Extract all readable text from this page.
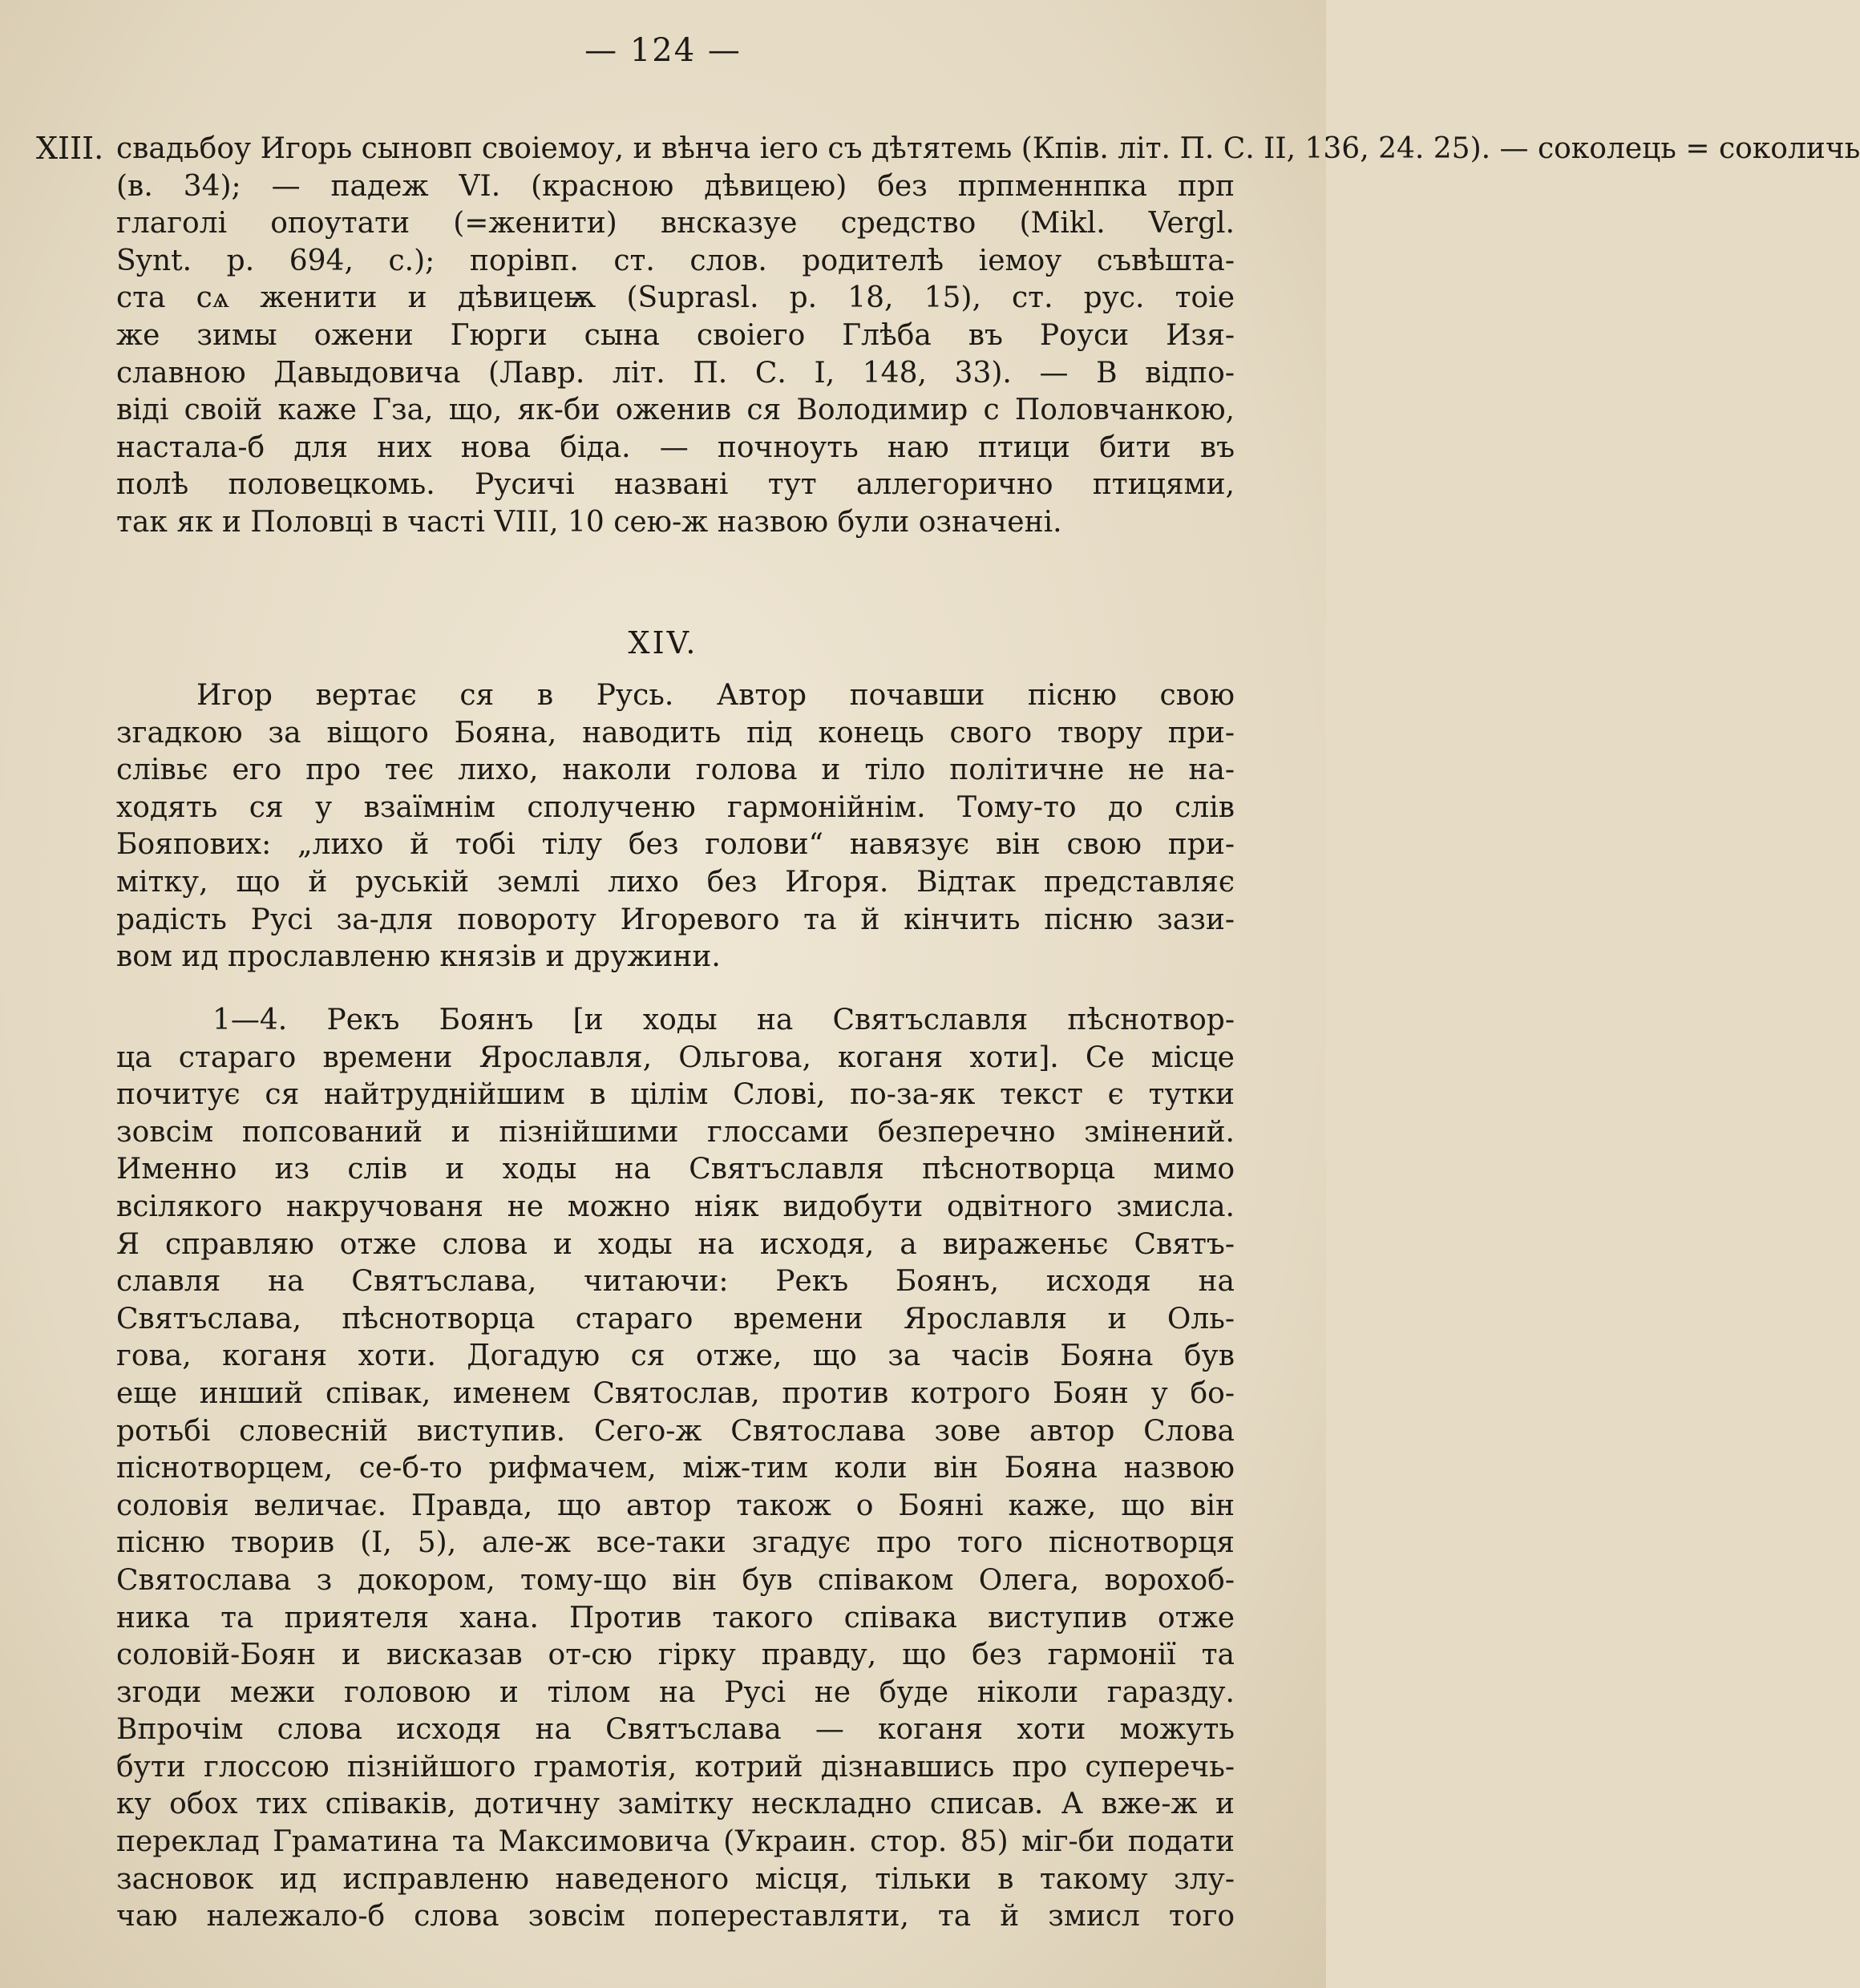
— 124 —
XIII. свадьбоу Игорь сыновп своiемоу, и вѣнча iего съ дѣтятемь (Кпів. літ. П. С. II, 136, 24. 25). — соколець = соколичь
(в. 34); — падеж VI. (красною дѣвицею) без прпменнпка прп
глаголі опоутати (=женити) внсказуе средство (Mikl. Vergl.
Synt. p. 694, c.); порівп. ст. слов. родителѣ iемоу съвѣшта-
ста сѧ женити и дѣвицеѭ (Suprasl. p. 18, 15), ст. рус. тоiе
же зимы ожени Гюрги сына своiего Глѣба въ Роуси Изя-
славною Давыдовича (Лавр. літ. П. С. I, 148, 33). — В відпо-
віді своій каже Гза, що, як-би оженив ся Володимир с Половчанкою,
настала-б для них нова біда. — почноуть наю птици бити въ
полѣ половецкомь. Русичі названі тут аллегорично птицями,
так як и Половці в часті VIII, 10 сею-ж назвою були означені.
XIV.
Игор вертає ся в Русь. Автор почавши пісню свою
згадкою за віщого Бояна, наводить під конець свого твору при-
слівьє его про теє лихо, наколи голова и тіло політичне не на-
ходять ся у взаїмнім сполученю гармонійнім. Тому-то до слів
Бояпових: „лихо й тобі тілу без голови“ навязує він свою при-
мітку, що й руській землі лихо без Игоря. Відтак представляє
радість Русі за-для повороту Игоревого та й кінчить пісню зази-
вом ид прославленю князів и дружини.
1—4. Рекъ Боянъ [и ходы на Святъславля пѣснотвор-
ца стараго времени Ярославля, Ольговa, коганя хоти]. Се місце
почитує ся найтруднійшим в цілім Слові, по-за-як текст є тутки
зовсім попсований и пізнійшими глоссами безперечно змінений.
Именно из слів и ходы на Святъславля пѣснотворца мимо
всілякого накручованя не можно ніяк видобути одвітного змисла.
Я справляю отже слова и ходы на исходя, а вираженьє Святъ-
славля на Святъслава, читаючи: Рекъ Боянъ, исходя на
Святъслава, пѣснотворца стараго времени Ярославля и Оль-
гова, коганя хоти. Догадую ся отже, що за часів Бояна був
еще инший співак, именем Святослав, против котрого Боян у бо-
ротьбі словесній виступив. Сего-ж Святослава зове автор Слова
піснотворцем, се-б-то рифмачем, між-тим коли він Бояна назвою
соловія величає. Правда, що автор також о Бояні каже, що він
пісню творив (I, 5), але-ж все-таки згадує про того піснотворця
Святослава з докором, тому-що він був співаком Олега, ворохоб-
ника та приятеля хана. Против такого співака виступив отже
соловій-Боян и висказав от-сю гірку правду, що без гармонії та
згоди межи головою и тілом на Русі не буде ніколи гаразду.
Впрочім слова исходя на Святъслава — коганя хоти можуть
бути глоссою пізнійшого грамотія, котрий дізнавшись про суперечь-
ку обох тих співаків, дотичну замітку нескладно списав. А вже-ж и
переклад Граматина та Максимовича (Украин. стор. 85) міг-би подати
засновок ид исправленю наведеного місця, тільки в такому злу-
чаю належало-б слова зовсім попереставляти, та й змисл того
